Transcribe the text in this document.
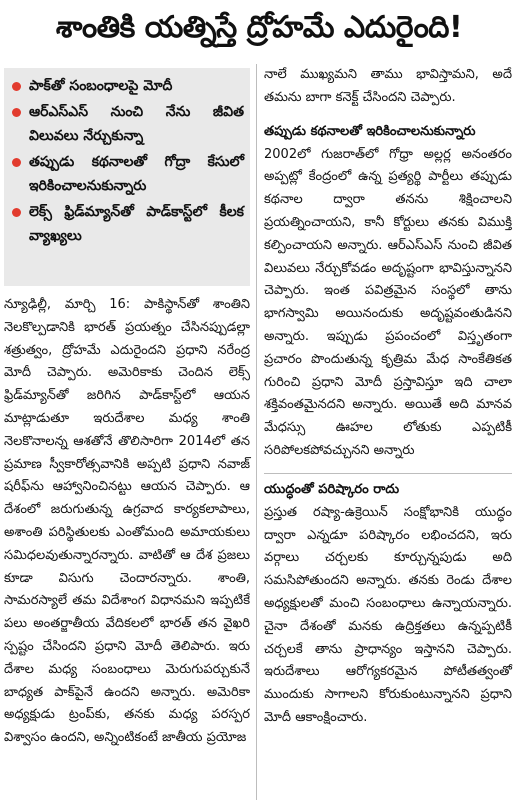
శాంతికి యత్నిస్తే ద్రోహమే ఎదురైంది!
పాక్‌తో సంబంధాలపై మోదీ
ఆర్‌ఎస్‌ఎస్ నుంచి నేను జీవిత విలువలు నేర్చుకున్నా
తప్పుడు కథనాలతో గోద్రా కేసులో ఇరికించాలనుకున్నారు
లెక్స్ ఫ్రిడ్‌మ్యాన్‌తో పాడ్‌కాస్ట్‌లో కీలక వ్యాఖ్యలు

న్యూఢిల్లీ, మార్చి 16: పాకిస్థాన్‌తో శాంతిని నెలకొల్పడానికి భారత్ ప్రయత్నం చేసినప్పుడల్లా శత్రుత్వం, ద్రోహమే ఎదురైందని ప్రధాని నరేంద్ర మోదీ చెప్పారు. అమెరికాకు చెందిన లెక్స్ ఫ్రిడ్‌మ్యాన్‌తో జరిగిన పాడ్‌కాస్ట్‌లో ఆయన మాట్లాడుతూ ఇరుదేశాల మధ్య శాంతి నెలకొనాలన్న ఆశతోనే తొలిసారిగా 2014లో తన ప్రమాణ స్వీకారోత్సవానికి అప్పటి ప్రధాని నవాజ్ షరీఫ్‌ను ఆహ్వానించినట్టు ఆయన చెప్పారు. ఆ దేశంలో జరుగుతున్న ఉగ్రవాద కార్యకలాపాలు, అశాంతి పరిస్థితులకు ఎంతోమంది అమాయకులు సమిధలవుతున్నారన్నారు. వాటితో ఆ దేశ ప్రజలు కూడా విసుగు చెందారన్నారు. శాంతి, సామరస్యాలే తమ విదేశాంగ విధానమని ఇప్పటికే పలు అంతర్జాతీయ వేదికలలో భారత్ తన వైఖరి స్పష్టం చేసిందని ప్రధాని మోదీ తెలిపారు. ఇరు దేశాల మధ్య సంబంధాలు మెరుగుపర్చుకునే బాధ్యత పాక్‌పైనే ఉందని అన్నారు. అమెరికా అధ్యక్షుడు ట్రంప్‌కు, తనకు మధ్య పరస్పర విశ్వాసం ఉందని, అన్నింటికంటే జాతీయ ప్రయోజ

నాలే ముఖ్యమని తాము భావిస్తామని, అదే తమను బాగా కనెక్ట్ చేసిందని చెప్పారు.

తప్పుడు కథనాలతో ఇరికించాలనుకున్నారు

2002లో గుజరాత్‌లో గోధ్రా అల్లర్ల అనంతరం అప్పట్లో కేంద్రంలో ఉన్న ప్రత్యర్థి పార్టీలు తప్పుడు కథనాల ద్వారా తనను శిక్షించాలని ప్రయత్నించాయని, కానీ కోర్టులు తనకు విముక్తి కల్పించాయని అన్నారు. ఆర్‌ఎస్‌ఎస్ నుంచి జీవిత విలువలు నేర్చుకోవడం అదృష్టంగా భావిస్తున్నానని చెప్పారు. ఇంత పవిత్రమైన సంస్థలో తాను భాగస్వామి అయినందుకు అదృష్టవంతుడినని అన్నారు. ఇప్పుడు ప్రపంచంలో విస్తృతంగా ప్రచారం పొందుతున్న కృత్రిమ మేధ సాంకేతికత గురించి ప్రధాని మోదీ ప్రస్తావిస్తూ ఇది చాలా శక్తివంతమైనదని అన్నారు. అయితే అది మానవ మేధస్సు ఊహల లోతుకు ఎప్పటికీ సరిపోలకపోవచ్చునని అన్నారు

యుద్ధంతో పరిష్కారం రాదు

ప్రస్తుత రష్యా-ఉక్రెయిన్ సంక్షోభానికి యుద్ధం ద్వారా ఎన్నడూ పరిష్కారం లభించదని, ఇరు వర్గాలు చర్చలకు కూర్చున్నపుడు అది సమసిపోతుందని అన్నారు. తనకు రెండు దేశాల అధ్యక్షులతో మంచి సంబంధాలు ఉన్నాయన్నారు. చైనా దేశంతో మనకు ఉద్రిక్తతలు ఉన్నప్పటికీ చర్చలకే తాను ప్రాధాన్యం ఇస్తానని చెప్పారు. ఇరుదేశాలు ఆరోగ్యకరమైన పోటీతత్వంతో ముందుకు సాగాలని కోరుకుంటున్నానని ప్రధాని మోదీ ఆకాంక్షించారు.
